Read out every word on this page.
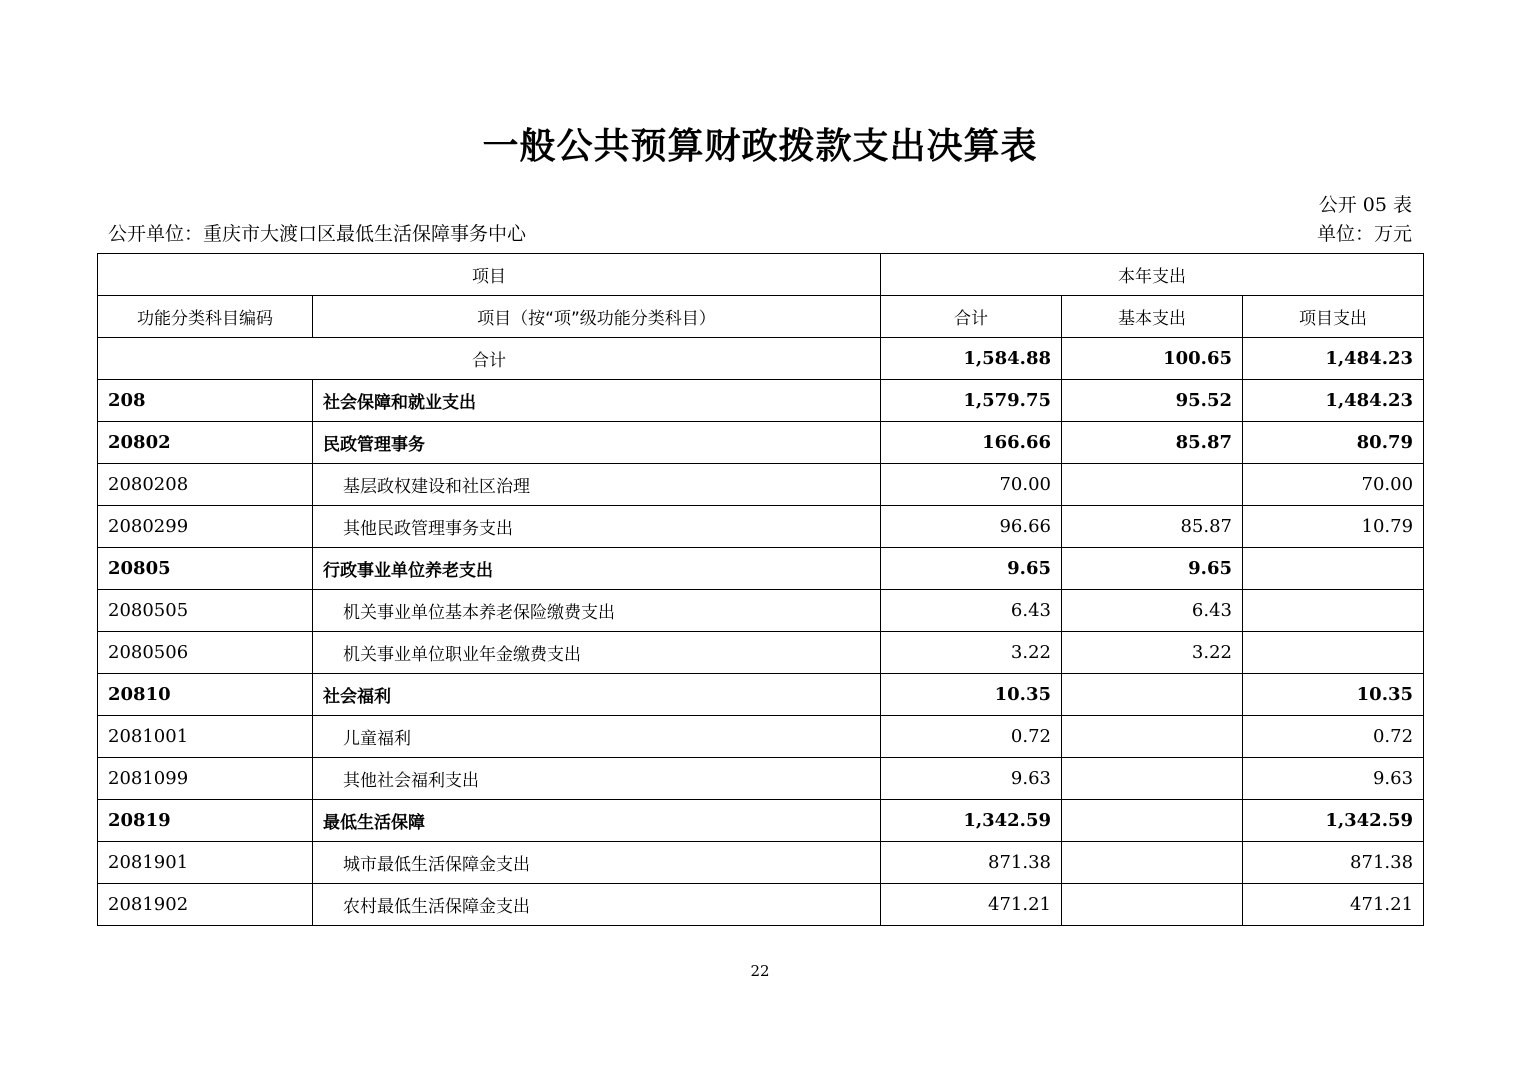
一般公共预算财政拨款支出决算表
公开 05 表
公开单位：重庆市大渡口区最低生活保障事务中心	单位：万元
项目		本年支出		
功能分类科目编码	项目（按“项”级功能分类科目）	合计	基本支出	项目支出
合计		1,584.88	100.65	1,484.23
208	社会保障和就业支出	1,579.75	95.52	1,484.23
20802	民政管理事务	166.66	85.87	80.79
2080208	基层政权建设和社区治理	70.00		70.00
2080299	其他民政管理事务支出	96.66	85.87	10.79
20805	行政事业单位养老支出	9.65	9.65	
2080505	机关事业单位基本养老保险缴费支出	6.43	6.43	
2080506	机关事业单位职业年金缴费支出	3.22	3.22	
20810	社会福利	10.35		10.35
2081001	儿童福利	0.72		0.72
2081099	其他社会福利支出	9.63		9.63
20819	最低生活保障	1,342.59		1,342.59
2081901	城市最低生活保障金支出	871.38		871.38
2081902	农村最低生活保障金支出	471.21		471.21
22
